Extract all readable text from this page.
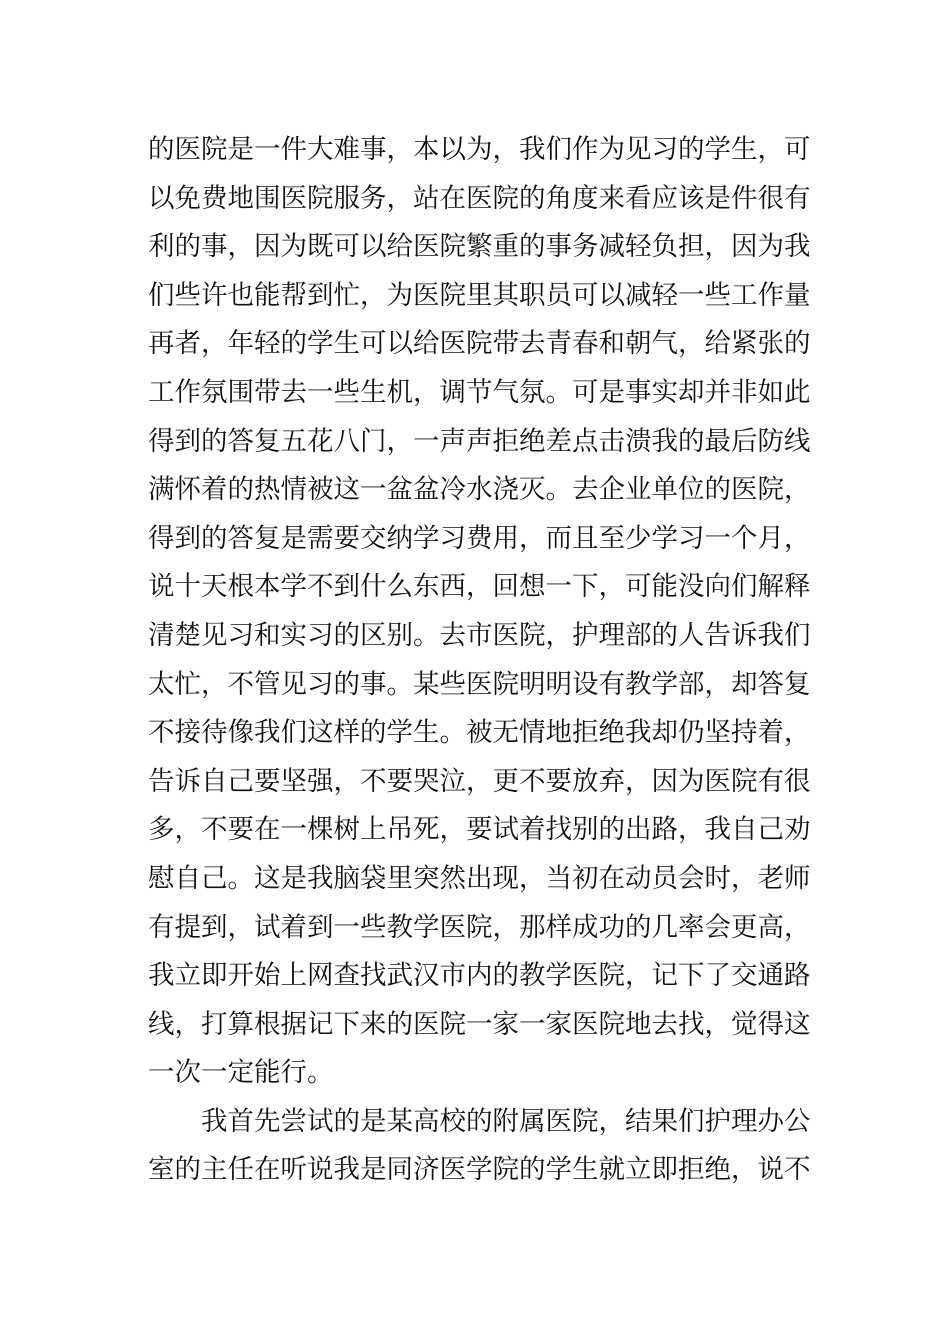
的医院是一件大难事，本以为，我们作为见习的学生，可
以免费地围医院服务，站在医院的角度来看应该是件很有
利的事，因为既可以给医院繁重的事务减轻负担，因为我
们些许也能帮到忙，为医院里其职员可以减轻一些工作量
再者，年轻的学生可以给医院带去青春和朝气，给紧张的
工作氛围带去一些生机，调节气氛。可是事实却并非如此
得到的答复五花八门，一声声拒绝差点击溃我的最后防线
满怀着的热情被这一盆盆冷水浇灭。去企业单位的医院，
得到的答复是需要交纳学习费用，而且至少学习一个月，
说十天根本学不到什么东西，回想一下，可能没向们解释
清楚见习和实习的区别。去市医院，护理部的人告诉我们
太忙，不管见习的事。某些医院明明设有教学部，却答复
不接待像我们这样的学生。被无情地拒绝我却仍坚持着，
告诉自己要坚强，不要哭泣，更不要放弃，因为医院有很
多，不要在一棵树上吊死，要试着找别的出路，我自己劝
慰自己。这是我脑袋里突然出现，当初在动员会时，老师
有提到，试着到一些教学医院，那样成功的几率会更高，
我立即开始上网查找武汉市内的教学医院，记下了交通路
线，打算根据记下来的医院一家一家医院地去找，觉得这
一次一定能行。
我首先尝试的是某高校的附属医院，结果们护理办公
室的主任在听说我是同济医学院的学生就立即拒绝，说不
